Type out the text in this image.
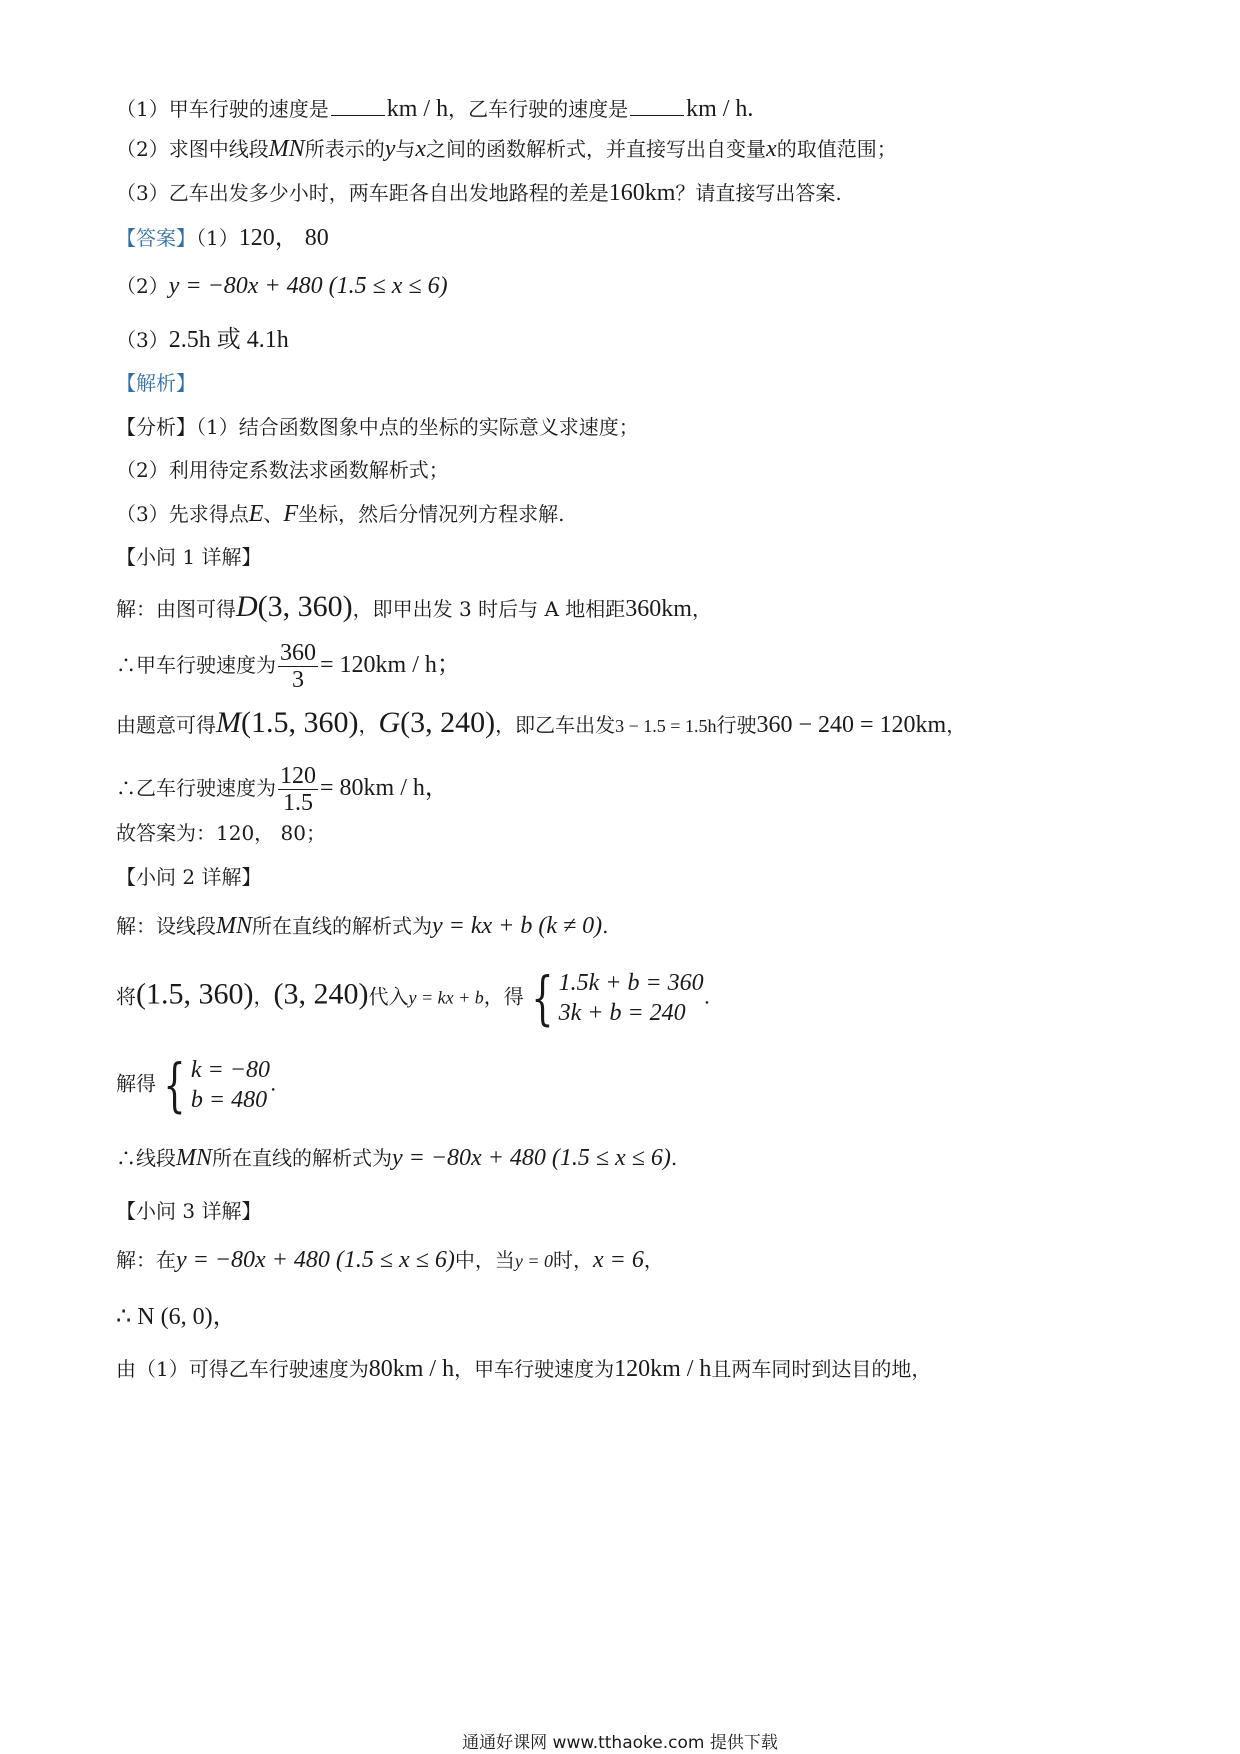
（1）甲车行驶的速度是 km / h，乙车行驶的速度是 km / h.
（2）求图中线段MN所表示的y与x之间的函数解析式，并直接写出自变量x的取值范围；
（3）乙车出发多少小时，两车距各自出发地路程的差是160km？请直接写出答案.
【答案】（1）120， 80
（2）y = −80x + 480 (1.5 ≤ x ≤ 6)
（3）2.5h 或 4.1h
【解析】
【分析】（1）结合函数图象中点的坐标的实际意义求速度；
（2）利用待定系数法求函数解析式；
（3）先求得点E、F坐标，然后分情况列方程求解.
【小问 1 详解】
解：由图可得D(3, 360)，即甲出发 3 时后与 A 地相距360km，
∴甲车行驶速度为 $\frac{360}{3} = 120km / h$；
由题意可得M(1.5, 360)，G(3, 240)，即乙车出发3 − 1.5 = 1.5h行驶360 − 240 = 120km，
∴乙车行驶速度为 $\frac{120}{1.5} = 80km / h$，
故答案为：120， 80；
【小问 2 详解】
解：设线段MN所在直线的解析式为y = kx + b (k ≠ 0).
将(1.5, 360)，(3, 240)代入y = kx + b，得 { 1.5k + b = 360
3k + b = 240
.
解得 { k = −80
b = 480
.
∴线段MN所在直线的解析式为y = −80x + 480 (1.5 ≤ x ≤ 6).
【小问 3 详解】
解：在y = −80x + 480 (1.5 ≤ x ≤ 6)中，当y = 0时，x = 6，
∴ N (6, 0)，
由（1）可得乙车行驶速度为80km / h，甲车行驶速度为120km / h且两车同时到达目的地，
通通好课网 www.tthaoke.com 提供下载
